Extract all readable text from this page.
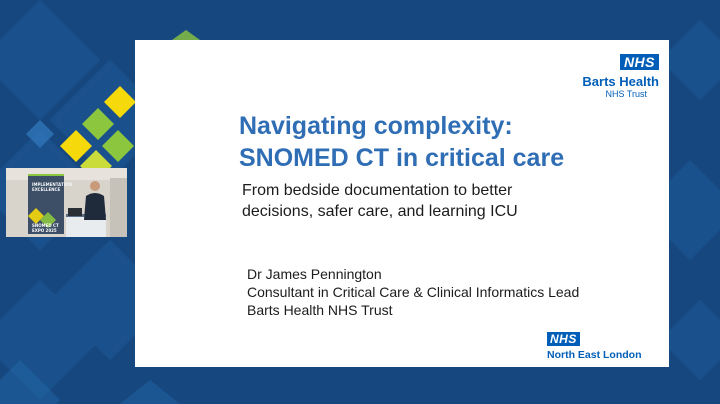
IMPLEMENTATION EXCELLENCE
SNOMED CT
EXPO 2025
NHS
Barts Health
NHS Trust
Navigating complexity:
SNOMED CT in critical care
From bedside documentation to better
decisions, safer care, and learning ICU
Dr James Pennington
Consultant in Critical Care & Clinical Informatics Lead
Barts Health NHS Trust
NHS
North East London
